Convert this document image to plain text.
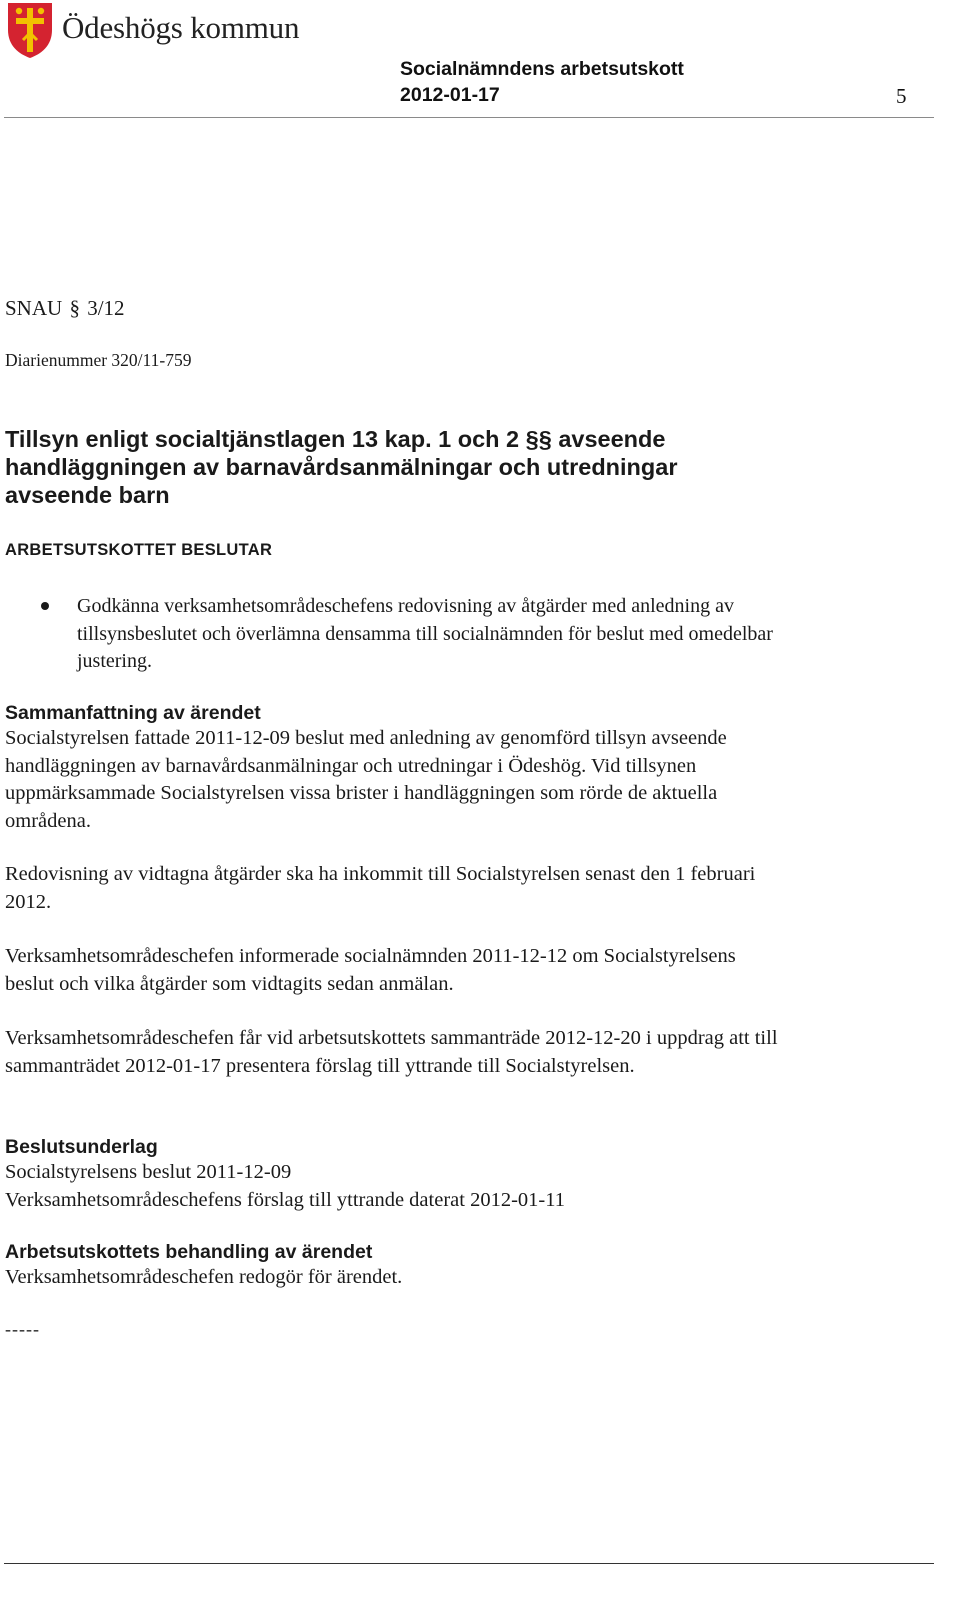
Ödeshögs kommun
Socialnämndens arbetsutskott
2012-01-17	5
SNAU § 3/12
Diarienummer 320/11-759
Tillsyn enligt socialtjänstlagen 13 kap. 1 och 2 §§ avseende handläggningen av barnavårdsanmälningar och utredningar avseende barn
ARBETSUTSKOTTET BESLUTAR

Godkänna verksamhetsområdeschefens redovisning av åtgärder med anledning av tillsynsbeslutet och överlämna densamma till socialnämnden för beslut med omedelbar justering.

Sammanfattning av ärendet

Socialstyrelsen fattade 2011-12-09 beslut med anledning av genomförd tillsyn avseende handläggningen av barnavårdsanmälningar och utredningar i Ödeshög. Vid tillsynen uppmärksammade Socialstyrelsen vissa brister i handläggningen som rörde de aktuella områdena.

Redovisning av vidtagna åtgärder ska ha inkommit till Socialstyrelsen senast den 1 februari 2012.

Verksamhetsområdeschefen informerade socialnämnden 2011-12-12 om Socialstyrelsens beslut och vilka åtgärder som vidtagits sedan anmälan.

Verksamhetsområdeschefen får vid arbetsutskottets sammanträde 2012-12-20 i uppdrag att till sammanträdet 2012-01-17 presentera förslag till yttrande till Socialstyrelsen.

Beslutsunderlag

Socialstyrelsens beslut 2011-12-09

Verksamhetsområdeschefens förslag till yttrande daterat 2012-01-11

Arbetsutskottets behandling av ärendet

Verksamhetsområdeschefen redogör för ärendet.

-----
